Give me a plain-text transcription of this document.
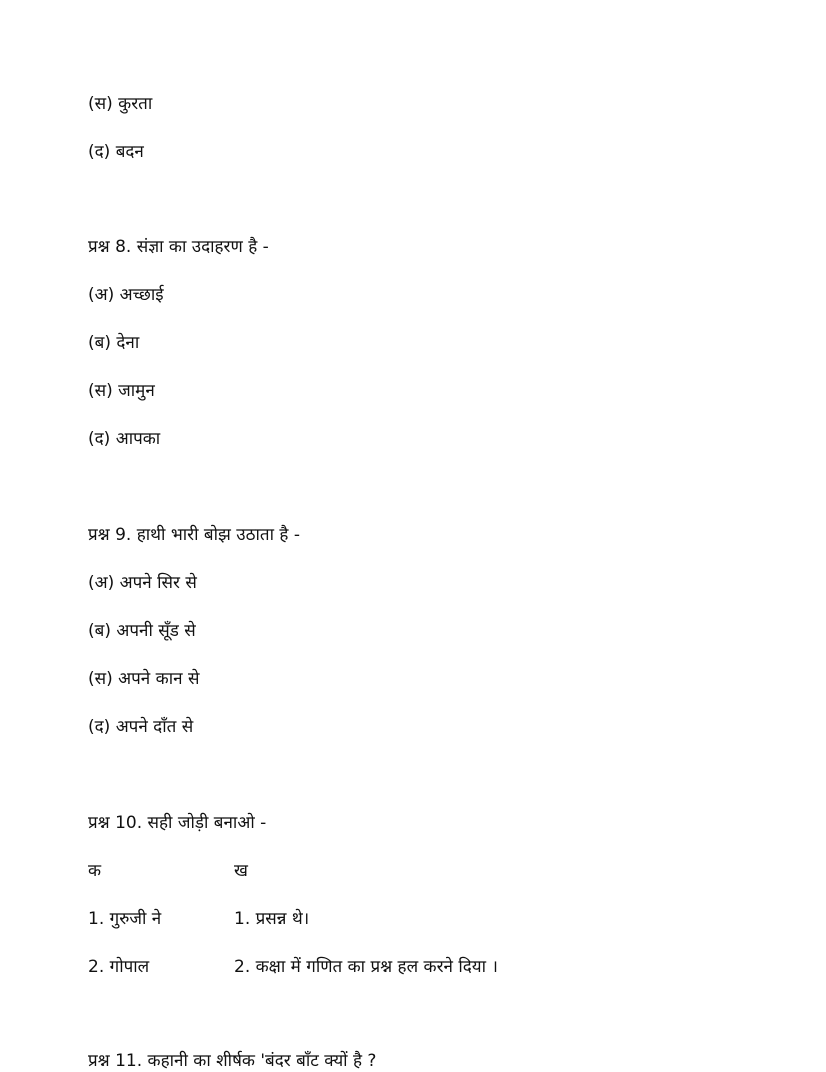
(स) कुरता
(द) बदन
प्रश्न 8. संज्ञा का उदाहरण है -
(अ) अच्छाई
(ब) देना
(स) जामुन
(द) आपका
प्रश्न 9. हाथी भारी बोझ उठाता है -
(अ) अपने सिर से
(ब) अपनी सूँड से
(स) अपने कान से
(द) अपने दाँत से
प्रश्न 10. सही जोड़ी बनाओ -
क	ख
1. गुरुजी ने	1. प्रसन्न थे।
2. गोपाल	2. कक्षा में गणित का प्रश्न हल करने दिया ।
प्रश्न 11. कहानी का शीर्षक 'बंदर बाँट क्यों है ?
